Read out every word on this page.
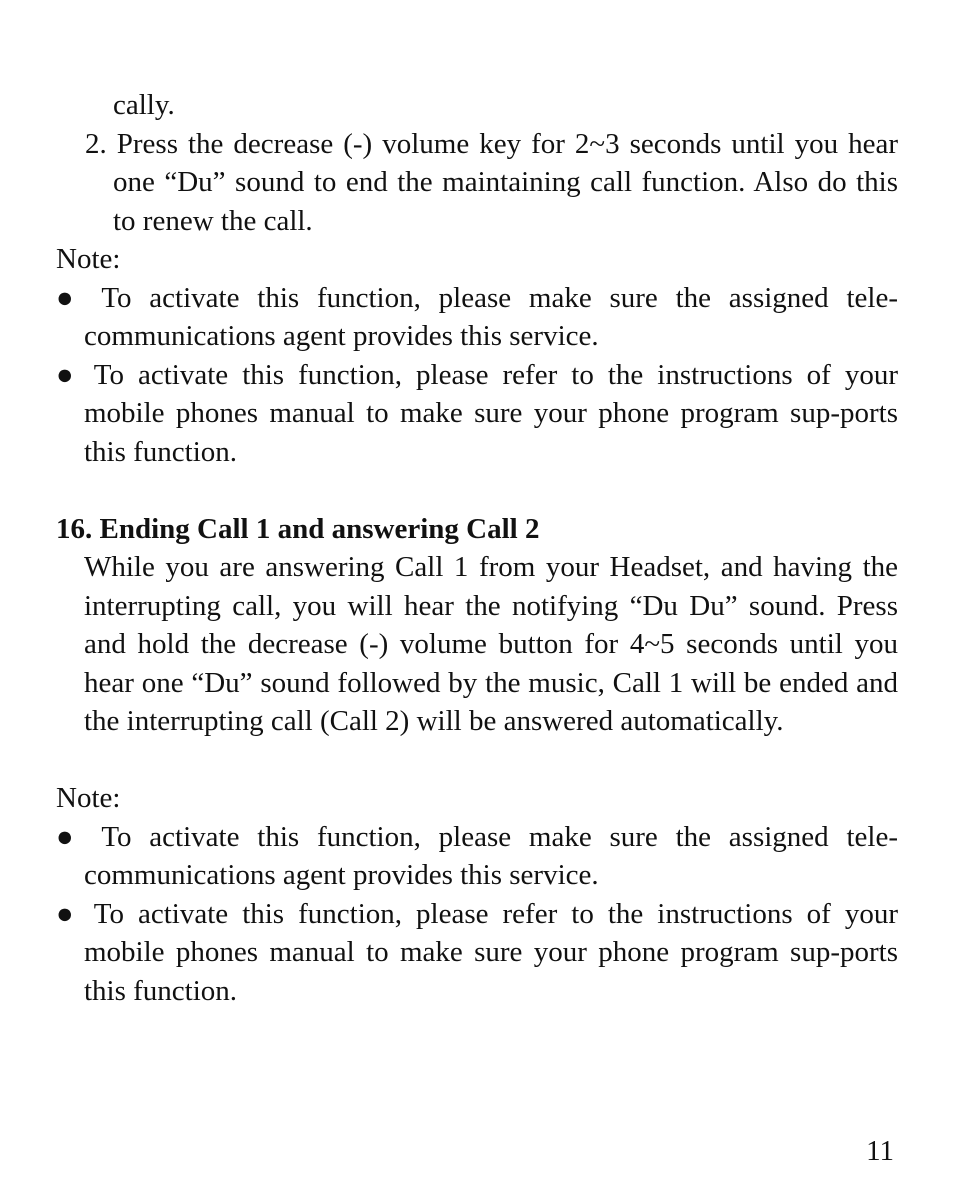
cally.

2. Press the decrease (-) volume key for 2~3 seconds until you hear one “Du” sound to end the maintaining call function. Also do this to renew the call.

Note:

● To activate this function, please make sure the assigned tele-communications agent provides this service.

● To activate this function, please refer to the instructions of your mobile phones manual to make sure your phone program sup-ports this function.

16. Ending Call 1 and answering Call 2

While you are answering Call 1 from your Headset, and having the interrupting call, you will hear the notifying “Du Du” sound. Press and hold the decrease (-) volume button for 4~5 seconds until you hear one “Du” sound followed by the music, Call 1 will be ended and the interrupting call (Call 2) will be answered automatically.

Note:

● To activate this function, please make sure the assigned tele-communications agent provides this service.

● To activate this function, please refer to the instructions of your mobile phones manual to make sure your phone program sup-ports this function.

11
